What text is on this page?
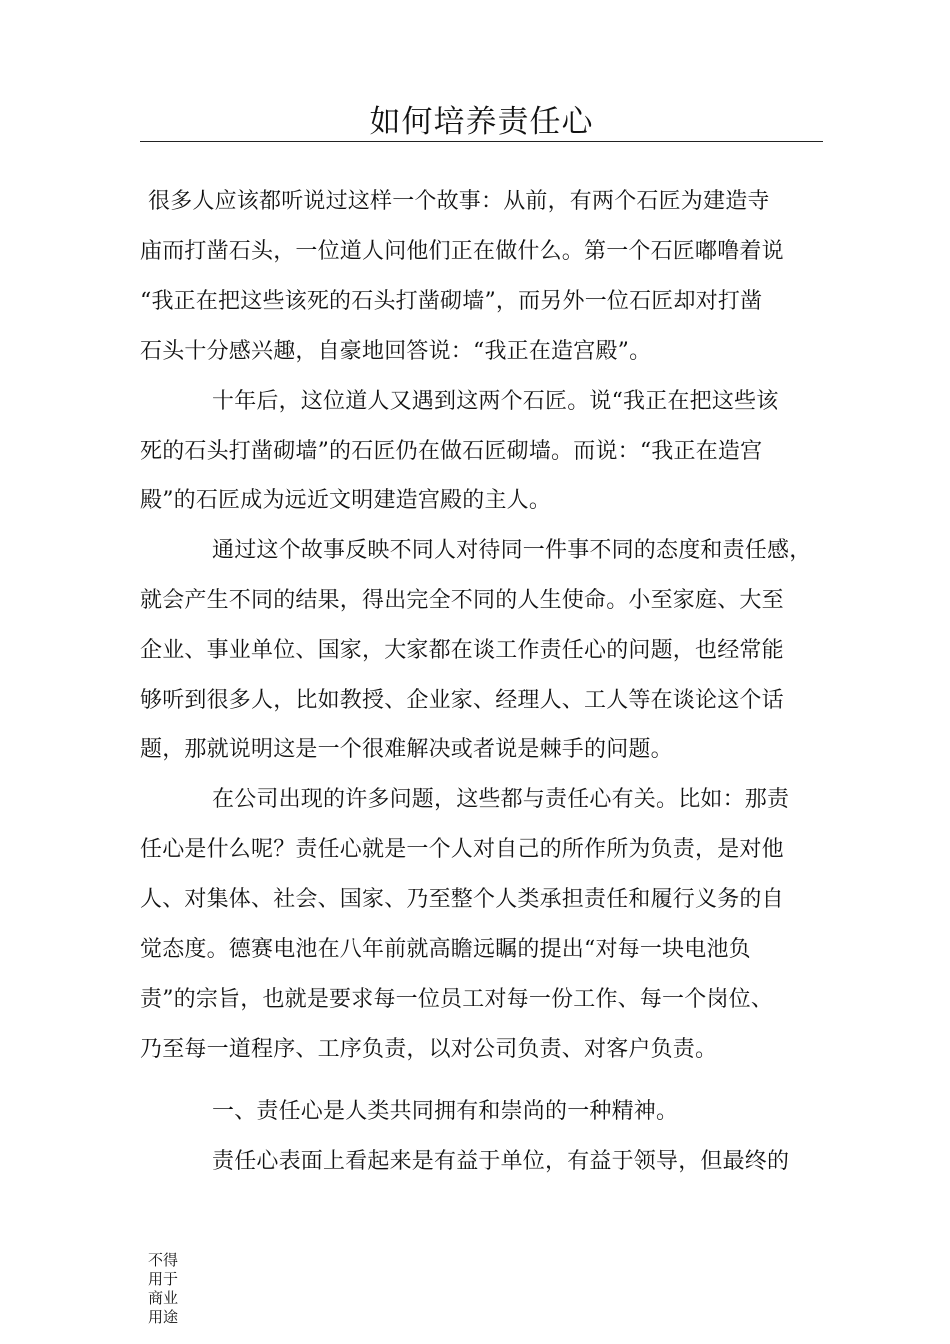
如何培养责任心
很多人应该都听说过这样一个故事：从前，有两个石匠为建造寺
庙而打凿石头，一位道人问他们正在做什么。第一个石匠嘟噜着说
“我正在把这些该死的石头打凿砌墙”，而另外一位石匠却对打凿
石头十分感兴趣，自豪地回答说：“我正在造宫殿”。
十年后，这位道人又遇到这两个石匠。说“我正在把这些该
死的石头打凿砌墙”的石匠仍在做石匠砌墙。而说：“我正在造宫
殿”的石匠成为远近文明建造宫殿的主人。
通过这个故事反映不同人对待同一件事不同的态度和责任感，
就会产生不同的结果，得出完全不同的人生使命。小至家庭、大至
企业、事业单位、国家，大家都在谈工作责任心的问题，也经常能
够听到很多人，比如教授、企业家、经理人、工人等在谈论这个话
题，那就说明这是一个很难解决或者说是棘手的问题。
在公司出现的许多问题，这些都与责任心有关。比如：那责
任心是什么呢？责任心就是一个人对自己的所作所为负责，是对他
人、对集体、社会、国家、乃至整个人类承担责任和履行义务的自
觉态度。德赛电池在八年前就高瞻远瞩的提出“对每一块电池负
责”的宗旨，也就是要求每一位员工对每一份工作、每一个岗位、
乃至每一道程序、工序负责，以对公司负责、对客户负责。
一、责任心是人类共同拥有和崇尚的一种精神。
责任心表面上看起来是有益于单位，有益于领导，但最终的
不得用于商业用途
